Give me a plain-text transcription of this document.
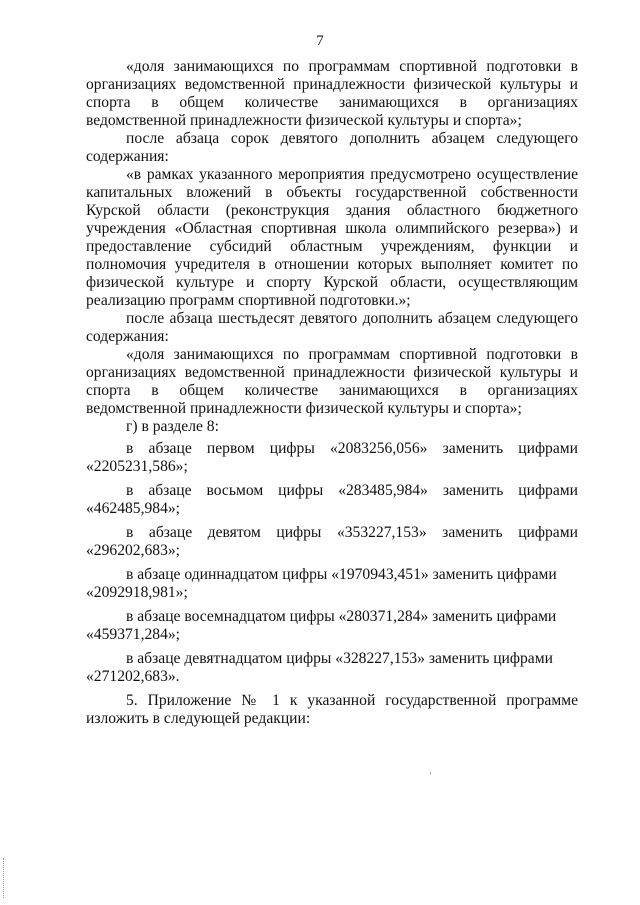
7

«доля занимающихся по программам спортивной подготовки в организациях ведомственной принадлежности физической культуры и спорта в общем количестве занимающихся в организациях ведомственной принадлежности физической культуры и спорта»;

после абзаца сорок девятого дополнить абзацем следующего содержания:

«в рамках указанного мероприятия предусмотрено осуществление капитальных вложений в объекты государственной собственности Курской области (реконструкция здания областного бюджетного учреждения «Областная спортивная школа олимпийского резерва») и предоставление субсидий областным учреждениям, функции и полномочия учредителя в отношении которых выполняет комитет по физической культуре и спорту Курской области, осуществляющим реализацию программ спортивной подготовки.»;

после абзаца шестьдесят девятого дополнить абзацем следующего содержания:

«доля занимающихся по программам спортивной подготовки в организациях ведомственной принадлежности физической культуры и спорта в общем количестве занимающихся в организациях ведомственной принадлежности физической культуры и спорта»;

г) в разделе 8:

в абзаце первом цифры «2083256,056» заменить цифрами
«2205231,586»;
в абзаце восьмом цифры «283485,984» заменить цифрами
«462485,984»;
в абзаце девятом цифры «353227,153» заменить цифрами
«296202,683»;
в абзаце одиннадцатом цифры «1970943,451» заменить цифрами
«2092918,981»;
в абзаце восемнадцатом цифры «280371,284» заменить цифрами
«459371,284»;
в абзаце девятнадцатом цифры «328227,153» заменить цифрами
«271202,683».

5. Приложение № 1 к указанной государственной программе изложить в следующей редакции:
